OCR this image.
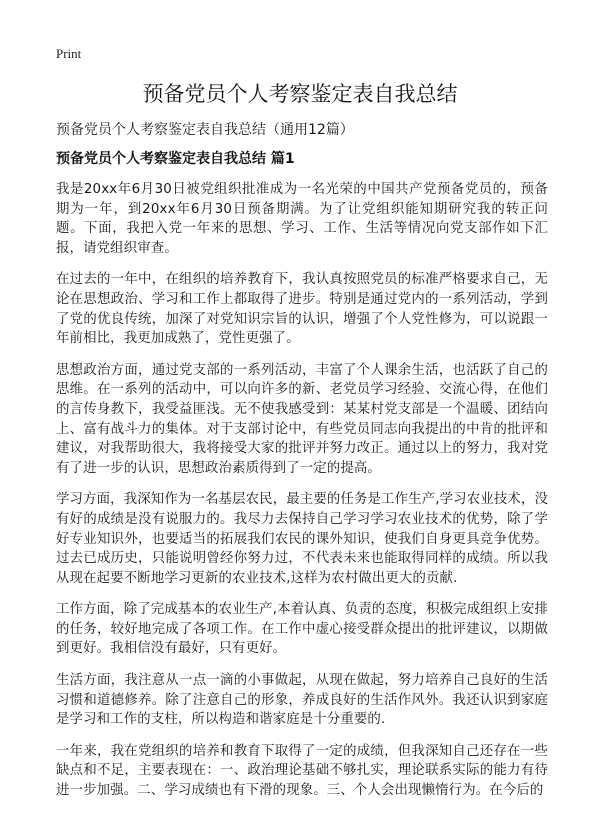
Print
预备党员个人考察鉴定表自我总结
预备党员个人考察鉴定表自我总结（通用12篇）
预备党员个人考察鉴定表自我总结 篇1

我是20xx年6月30日被党组织批准成为一名光荣的中国共产党预备党员的，预备期为一年，到20xx年6月30日预备期满。为了让党组织能知期研究我的转正问题。下面，我把入党一年来的思想、学习、工作、生活等情况向党支部作如下汇报，请党组织审查。

在过去的一年中，在组织的培养教育下，我认真按照党员的标准严格要求自己，无论在思想政治、学习和工作上都取得了进步。特别是通过党内的一系列活动，学到了党的优良传统，加深了对党知识宗旨的认识，增强了个人党性修为，可以说跟一年前相比，我更加成熟了，党性更强了。

思想政治方面，通过党支部的一系列活动，丰富了个人课余生活，也活跃了自己的思维。在一系列的活动中，可以向许多的新、老党员学习经验、交流心得，在他们的言传身教下，我受益匪浅。无不使我感受到：某某村党支部是一个温暖、团结向上、富有战斗力的集体。对于支部讨论中，有些党员同志向我提出的中肯的批评和建议，对我帮助很大，我将接受大家的批评并努力改正。通过以上的努力，我对党有了进一步的认识，思想政治素质得到了一定的提高。

学习方面，我深知作为一名基层农民，最主要的任务是工作生产,学习农业技术，没有好的成绩是没有说服力的。我尽力去保持自己学习学习农业技术的优势，除了学好专业知识外，也要适当的拓展我们农民的课外知识，使我们自身更具竞争优势。过去已成历史，只能说明曾经你努力过，不代表未来也能取得同样的成绩。所以我从现在起要不断地学习更新的农业技术,这样为农村做出更大的贡献.

工作方面，除了完成基本的农业生产,本着认真、负责的态度，积极完成组织上安排的任务，较好地完成了各项工作。在工作中虚心接受群众提出的批评建议，以期做到更好。我相信没有最好，只有更好。

生活方面，我注意从一点一滴的小事做起，从现在做起，努力培养自己良好的生活习惯和道德修养。除了注意自己的形象，养成良好的生活作风外。我还认识到家庭是学习和工作的支柱，所以构造和谐家庭是十分重要的.

一年来，我在党组织的培养和教育下取得了一定的成绩，但我深知自己还存在一些缺点和不足，主要表现在：一、政治理论基础不够扎实，理论联系实际的能力有待进一步加强。二、学习成绩也有下滑的现象。三、个人会出现懒惰行为。在今后的
